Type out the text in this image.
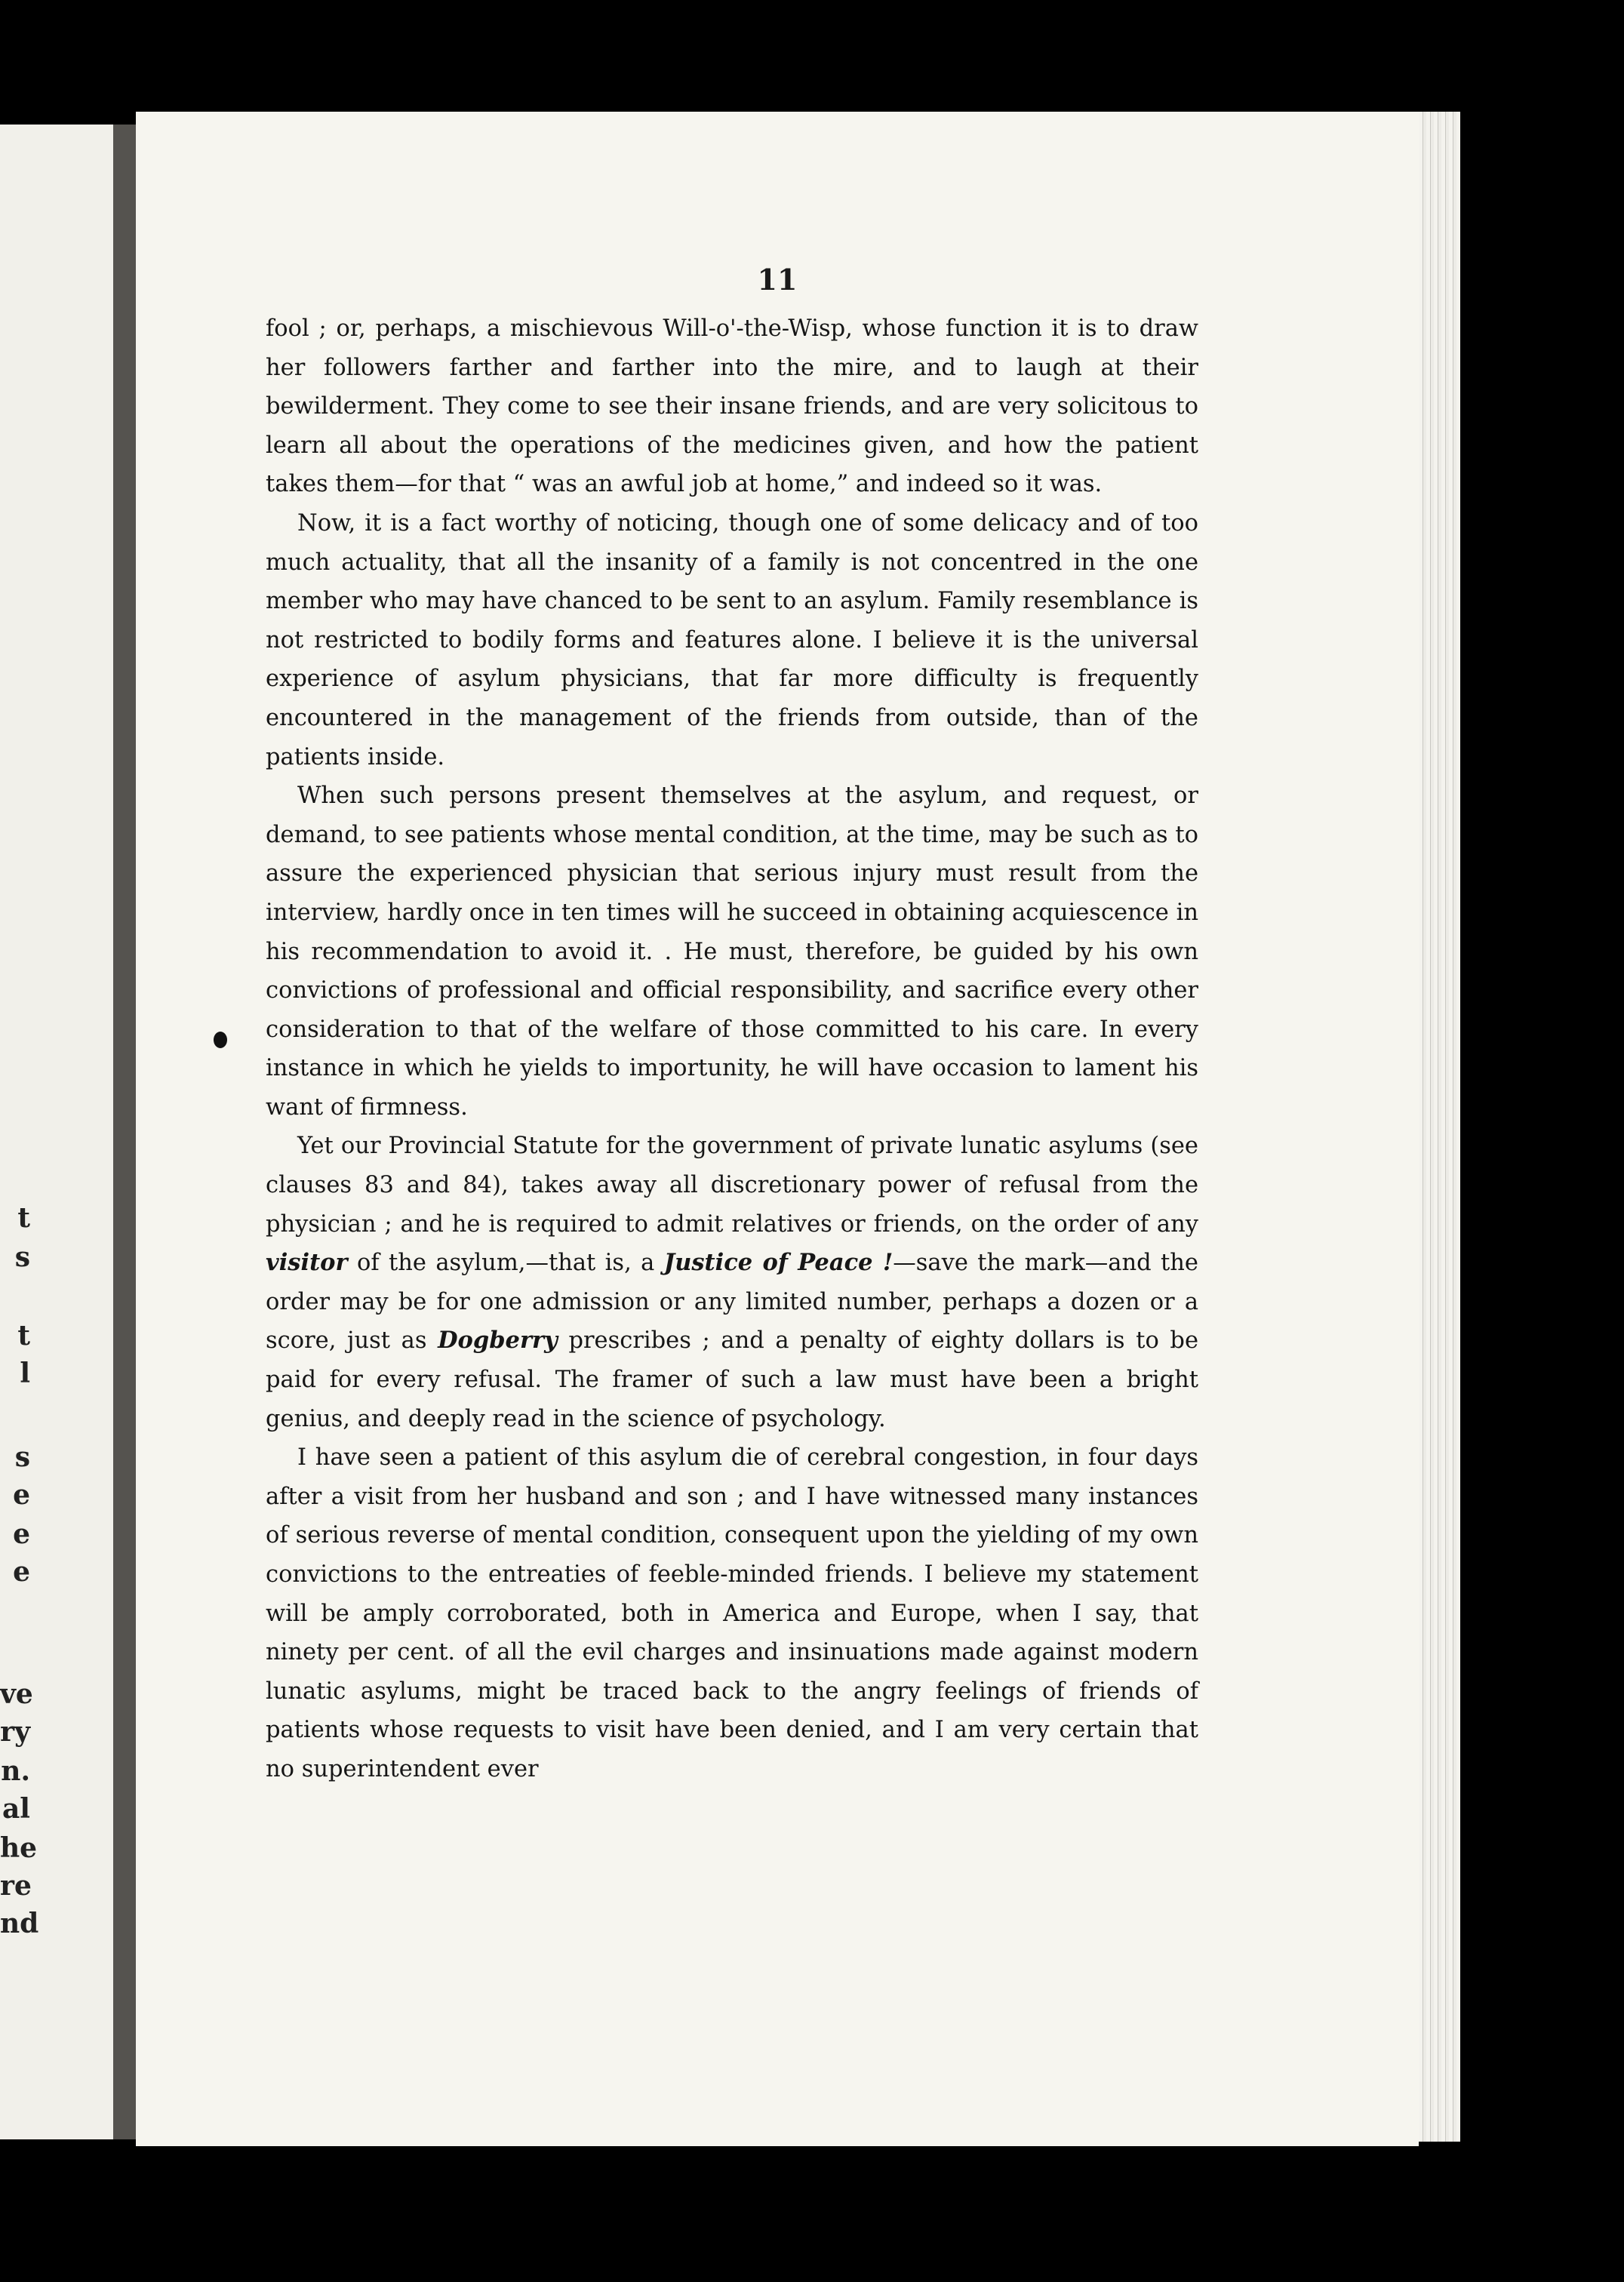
t
s
t
l
s
e
e
e
ve
ry
n.
al
he
re
nd
11

fool ; or, perhaps, a mischievous Will-o'-the-Wisp, whose function it is to draw her followers farther and farther into the mire, and to laugh at their bewilderment. They come to see their insane friends, and are very solicitous to learn all about the operations of the medicines given, and how the patient takes them—for that “ was an awful job at home,” and indeed so it was.

Now, it is a fact worthy of noticing, though one of some delicacy and of too much actuality, that all the insanity of a family is not concentred in the one member who may have chanced to be sent to an asylum. Family resemblance is not restricted to bodily forms and features alone. I believe it is the universal experience of asylum physicians, that far more difficulty is frequently encountered in the management of the friends from outside, than of the patients inside.

When such persons present themselves at the asylum, and request, or demand, to see patients whose mental condition, at the time, may be such as to assure the experienced physician that serious injury must result from the interview, hardly once in ten times will he succeed in obtaining acquiescence in his recommendation to avoid it. . He must, therefore, be guided by his own convictions of professional and official responsibility, and sacrifice every other consideration to that of the welfare of those committed to his care. In every instance in which he yields to importunity, he will have occasion to lament his want of firmness.

Yet our Provincial Statute for the government of private lunatic asylums (see clauses 83 and 84), takes away all discretionary power of refusal from the physician ; and he is required to admit relatives or friends, on the order of any visitor of the asylum,—that is, a Justice of Peace !—save the mark—and the order may be for one admission or any limited number, perhaps a dozen or a score, just as Dogberry prescribes ; and a penalty of eighty dollars is to be paid for every refusal. The framer of such a law must have been a bright genius, and deeply read in the science of psychology.

I have seen a patient of this asylum die of cerebral congestion, in four days after a visit from her husband and son ; and I have witnessed many instances of serious reverse of mental condition, consequent upon the yielding of my own convictions to the entreaties of feeble-minded friends. I believe my statement will be amply corroborated, both in America and Europe, when I say, that ninety per cent. of all the evil charges and insinuations made against modern lunatic asylums, might be traced back to the angry feelings of friends of patients whose requests to visit have been denied, and I am very certain that no superintendent ever
